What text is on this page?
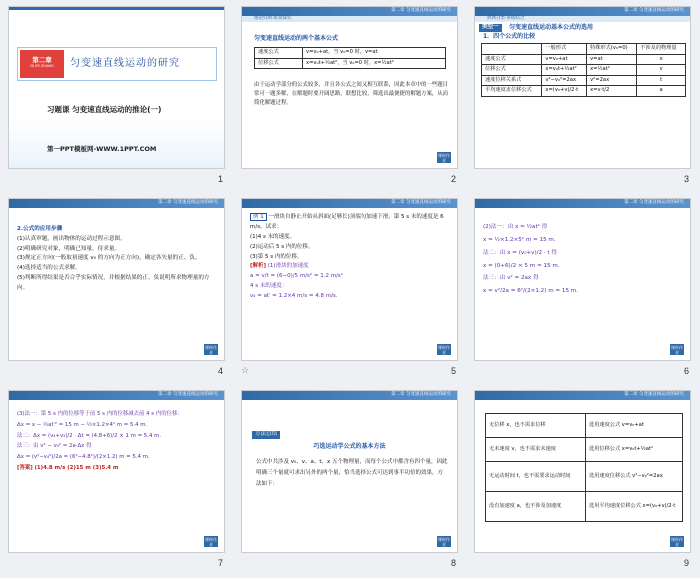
第二章
DI ER ZHANG	匀变速直线运动的研究
习题课 匀变速直线运动的推论(一)
第一PPT模板网-WWW.1PPT.COM
1
第二章 匀变速直线运动的研究
理论归纳·新知探究
匀变速直线运动的两个基本公式
速度公式	v=v₀+at，当 v₀=0 时，v=at
位移公式	x=v₀t+½at²，当 v₀=0 时，x=½at²
由于运动学部分的公式较多，并且各公式之间又相互联系，因此本章中的一些题目常可一题多解，在解题时要开阔思路，联想比较，筛选出最便捷的解题方案，从而简化解题过程。
课时作业
2
第二章 匀变速直线运动的研究
典例分类·讲练结合
类型一	匀变速直线运动基本公式的选用
1．四个公式的比较
	一般形式	特殊形式(v₀=0)	不涉及的物理量
速度公式	v=v₀+at	v=at	x
位移公式	x=v₀t+½at²	x=½at²	v
速度位移关系式	v²−v₀²=2ax	v²=2ax	t
平均速度求位移公式	x=(v₀+v)/2·t	x=v·t/2	a
3
第二章 匀变速直线运动的研究
2.公式的应用步骤
(1)认真审题，画出物体的运动过程示意图。
(2)明确研究对象，明确已知量、待求量。
(3)规定正方向(一般取初速度 v₀ 的方向为正方向)，确定各矢量的正、负。
(4)选择适当的公式求解。
(5)判断所得结果是否合乎实际情况，并根据结果的正、负说明所求物理量的方向。
课时作业
4
第二章 匀变速直线运动的研究
例 1 一滑块自静止开始从斜面(足够长)顶端匀加速下滑，第 5 s 末的速度是 6 m/s，试求：
(1)4 s 末的速度。
(2)运动后 5 s 内的位移。
(3)第 5 s 内的位移。
[解析] (1)滑块的加速度
a = v/t = (6−0)/5 m/s² = 1.2 m/s²
4 s 末的速度：
v₄ = at′ = 1.2×4 m/s = 4.8 m/s.
课时作业
☆	5
第二章 匀变速直线运动的研究
(2)法一：由 x = ½at² 得
x = ½×1.2×5² m = 15 m.
法二：由 x = (v₀+v)/2 · t 得
x = (0+6)/2 × 5 m = 15 m.
法三：由 v² = 2ax 得
x = v²/2a = 6²/(2×1.2) m = 15 m.
课时作业
6
第二章 匀变速直线运动的研究
(3)法一：第 5 s 内的位移等于前 5 s 内的位移减去前 4 s 内的位移：
Δx = x − ½at′² = 15 m − ½×1.2×4² m = 5.4 m.
法二：Δx = (v₄+v₅)/2 · Δt = (4.8+6)/2 × 1 m = 5.4 m.
法三：由 v² − v₄² = 2a·Δx 得
Δx = (v²−v₄²)/2a = (6²−4.8²)/(2×1.2) m = 5.4 m.
[答案] (1)4.8 m/s (2)15 m (3)5.4 m
课时作业
7
第二章 匀变速直线运动的研究
方法总结
巧选运动学公式的基本方法
公式中共涉及 v₀、v、a、t、x 五个物理量，而每个公式中都含有四个量，因此明确三个量就可求出另外的两个量，恰当选择公式可达到事半功倍的效果，方法如下：
课时作业
8
第二章 匀变速直线运动的研究
无位移 x，也不需求位移	选用速度公式 v=v₀+at
无末速度 v，也不需求末速度	选用位移公式 x=v₀t+½at²
无运动时间 t，也不需要求运动时间	选用速度位移公式 v²−v₀²=2ax
没有加速度 a，也不涉及加速度	选用平均速度位移公式 x=(v₀+v)/2·t
课时作业
9
